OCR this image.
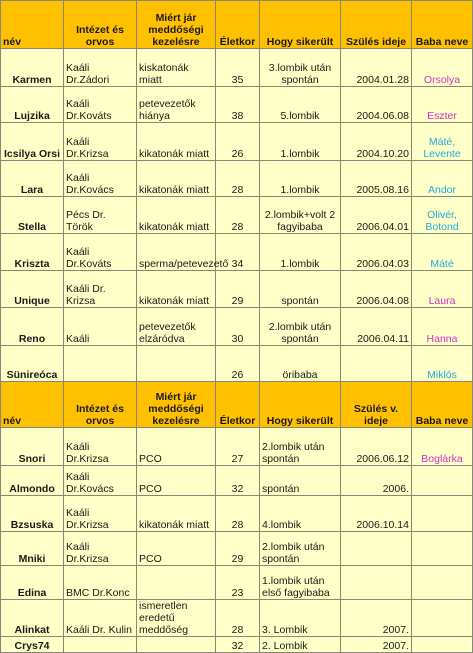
név	Intézet és orvos	Miért jár meddőségi kezelésre	Életkor	Hogy sikerült	Szülés ideje	Baba neve
Karmen	Kaáli Dr.Zádori	kiskatonák miatt	35	3.lombik után spontán	2004.01.28	Orsolya
Lujzika	Kaáli Dr.Kováts	petevezetők hiánya	38	5.lombik	2004.06.08	Eszter
Icsilya Orsi	Kaáli Dr.Krizsa	kikatonák miatt	26	1.lombik	2004.10.20	Máté, Levente
Lara	Kaáli Dr.Kovács	kikatonák miatt	28	1.lombik	2005.08.16	Andor
Stella	Pécs Dr. Török	kikatonák miatt	28	2.lombik+volt 2 fagyibaba	2006.04.01	Olivér, Botond
Kriszta	Kaáli Dr.Kováts	sperma/petevezető	34	1.lombik	2006.04.03	Máté
Unique	Kaáli Dr. Krizsa	kikatonák miatt	29	spontán	2006.04.08	Laura
Reno	Kaáli	petevezetők elzáródva	30	2.lombik után spontán	2006.04.11	Hanna
Sünireóca			26	öribaba		Miklós
név	Intézet és orvos	Miért jár meddőségi kezelésre	Életkor	Hogy sikerült	Szülés v. ideje	Baba neve
Snori	Kaáli Dr.Krizsa	PCO	27	2.lombik után spontán	2006.06.12	Boglárka
Almondo	Kaáli Dr.Kovács	PCO	32	spontán	2006.	
Bzsuska	Kaáli Dr.Krizsa	kikatonák miatt	28	4.lombik	2006.10.14	
Mniki	Kaáli Dr.Krizsa	PCO	29	2.lombik után spontán		
Edina	BMC Dr.Konc		23	1.lombik után első fagyibaba		
Alinkat	Kaáli Dr. Kulin	ismeretlen eredetű meddőség	28	3. Lombik	2007.	
Crys74			32	2. Lombik	2007.	
